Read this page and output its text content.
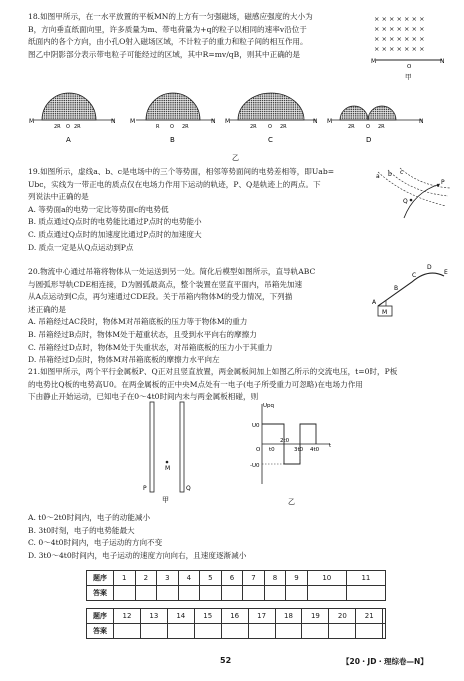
18.如图甲所示，在一水平放置的平板MN的上方有一匀强磁场，磁感应强度的大小为

B，方向垂直纸面向里，许多质量为m、带电荷量为+q的粒子以相同的速率v沿位于

纸面内的各个方向，由小孔O射入磁场区域，不计粒子的重力和粒子间的相互作用。

图乙中阴影部分表示带电粒子可能经过的区域，其中R=mv/qB，则其中正确的是

× × × × × × ×
× × × × × × ×
× × × × × × ×
× × × × × × ×
M	N
O
甲
M	N
O
2R	2R
A
M	N
O
R	2R
B
M	N
O
2R	2R
C
M	N
O
2R	2R
D
乙

19.如图所示，虚线a、b、c是电场中的三个等势面，相邻等势面间的电势差相等，即Uab=

Ubc，实线为一带正电的质点仅在电场力作用下运动的轨迹，P、Q是轨迹上的两点。下

列说法中正确的是

A. 等势面a的电势一定比等势面c的电势低

B. 质点通过Q点时的电势能比通过P点时的电势能小

C. 质点通过Q点时的加速度比通过P点时的加速度大

D. 质点一定是从Q点运动到P点

a b c
P
Q

20.物流中心通过吊箱将物体从一处运送到另一处。简化后模型如图所示，直导轨ABC

与圆弧形导轨CDE相连接，D为圆弧最高点，整个装置在竖直平面内，吊箱先加速

从A点运动到C点，再匀速通过CDE段。关于吊箱内物体M的受力情况，下列描

述正确的是

A. 吊箱经过AC段时，物体M对吊箱底板的压力等于物体M的重力

B. 吊箱经过B点时，物体M处于超重状态，且受到水平向右的摩擦力

C. 吊箱经过D点时，物体M处于失重状态，对吊箱底板的压力小于其重力

D. 吊箱经过D点时，物体M对吊箱底板的摩擦力水平向左

M
A
B
C
D
E

21.如图甲所示，两个平行金属板P、Q正对且竖直放置，两金属板间加上如图乙所示的交流电压，t=0时，P板

的电势比Q板的电势高U0。在两金属板的正中央M点处有一电子(电子所受重力可忽略)在电场力作用

下由静止开始运动，已知电子在0～4t0时间内未与两金属板相碰，则

M
P	Q
甲
Upq
U0
-U0
O t0
2t0
3t0 4t0
t
乙

A. t0～2t0时间内，电子的动能减小

B. 3t0时刻，电子的电势能最大

C. 0～4t0时间内，电子运动的方向不变

D. 3t0～4t0时间内，电子运动的速度方向向右，且速度逐渐减小

题序	1	2	3	4	5	6	7	8	9	10	11
答案											
题序	12	13	14	15	16	17	18	19	20	21	
答案											
52	【20・JD・理综卷—N】
